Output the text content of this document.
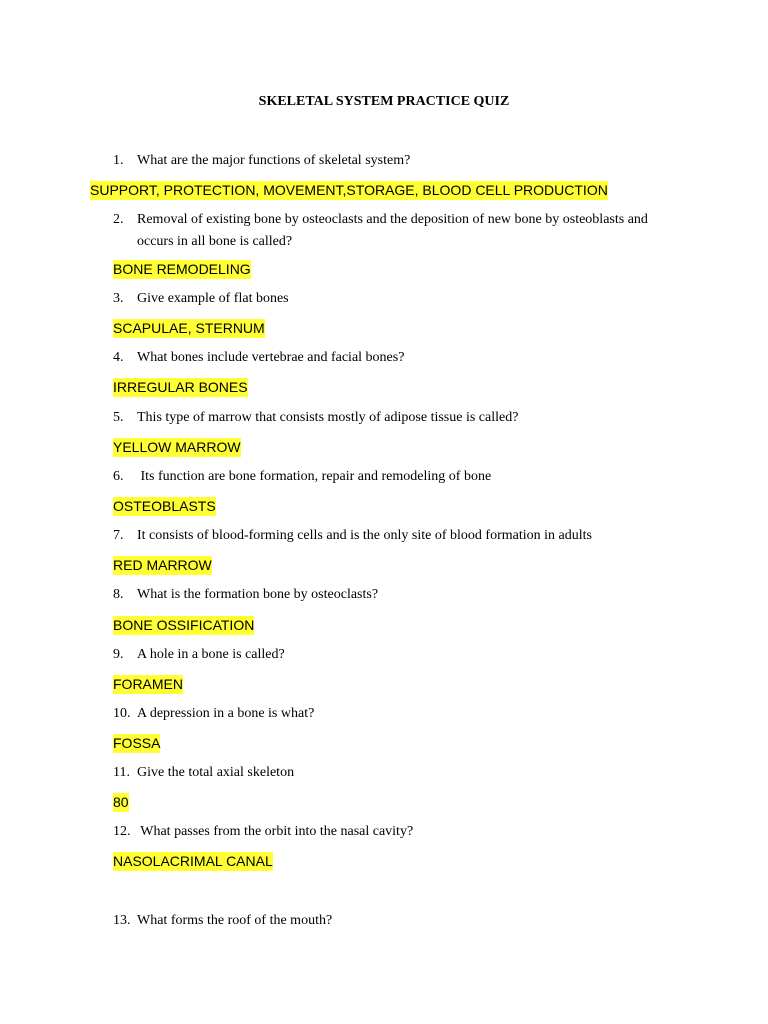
SKELETAL SYSTEM PRACTICE QUIZ
1. What are the major functions of skeletal system?
SUPPORT, PROTECTION, MOVEMENT,STORAGE, BLOOD CELL PRODUCTION
2. Removal of existing bone by osteoclasts and the deposition of new bone by osteoblasts and occurs in all bone is called?
BONE REMODELING
3. Give example of flat bones
SCAPULAE, STERNUM
4. What bones include vertebrae and facial bones?
IRREGULAR BONES
5. This type of marrow that consists mostly of adipose tissue is called?
YELLOW MARROW
6. Its function are bone formation, repair and remodeling of bone
OSTEOBLASTS
7. It consists of blood-forming cells and is the only site of blood formation in adults
RED MARROW
8. What is the formation bone by osteoclasts?
BONE OSSIFICATION
9. A hole in a bone is called?
FORAMEN
10. A depression in a bone is what?
FOSSA
11. Give the total axial skeleton
80
12. What passes from the orbit into the nasal cavity?
NASOLACRIMAL CANAL
13. What forms the roof of the mouth?
